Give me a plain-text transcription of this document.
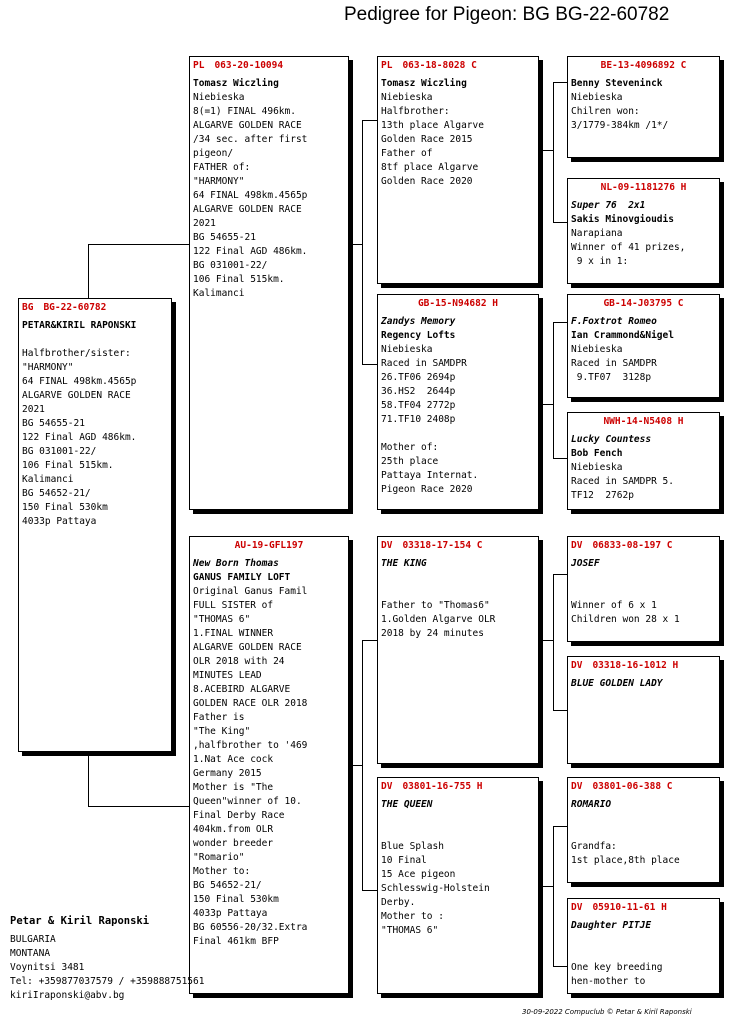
Pedigree for Pigeon: BG BG-22-60782
BG BG-22-60782
PETAR&KIRIL RAPONSKI
Halfbrother/sister:
"HARMONY"
64 FINAL 498km.4565p
ALGARVE GOLDEN RACE
2021
BG 54655-21
122 Final AGD 486km.
BG 031001-22/
106 Final 515km.
Kalimanci
BG 54652-21/
150 Final 530km
4033p Pattaya
PL 063-20-10094
Tomasz Wiczling
Niebieska
8(=1) FINAL 496km.
ALGARVE GOLDEN RACE
/34 sec. after first
pigeon/
FATHER of:
"HARMONY"
64 FINAL 498km.4565p
ALGARVE GOLDEN RACE
2021
BG 54655-21
122 Final AGD 486km.
BG 031001-22/
106 Final 515km.
Kalimanci
AU-19-GFL197
New Born Thomas
GANUS FAMILY LOFT
Original Ganus Famil
FULL SISTER of
"THOMAS 6"
1.FINAL WINNER
ALGARVE GOLDEN RACE
OLR 2018 with 24
MINUTES LEAD
8.ACEBIRD ALGARVE
GOLDEN RACE OLR 2018
Father is
"The King"
,halfbrother to '469
1.Nat Ace cock
Germany 2015
Mother is "The
Queen"winner of 10.
Final Derby Race
404km.from OLR
wonder breeder
"Romario"
Mother to:
BG 54652-21/
150 Final 530km
4033p Pattaya
BG 60556-20/32.Extra
Final 461km BFP
PL 063-18-8028 C
Tomasz Wiczling
Niebieska
Halfbrother:
13th place Algarve
Golden Race 2015
Father of
8tf place Algarve
Golden Race 2020
GB-15-N94682 H
Zandys Memory
Regency Lofts
Niebieska
Raced in SAMDPR
26.TF06 2694p
36.HS2  2644p
58.TF04 2772p
71.TF10 2408p
Mother of:
25th place
Pattaya Internat.
Pigeon Race 2020
DV 03318-17-154 C
THE KING
Father to "Thomas6"
1.Golden Algarve OLR
2018 by 24 minutes
DV 03801-16-755 H
THE QUEEN
Blue Splash
10 Final
15 Ace pigeon
Schlesswig-Holstein
Derby.
Mother to :
"THOMAS 6"
BE-13-4096892 C
Benny Steveninck
Niebieska
Chilren won:
3/1779-384km /1*/
NL-09-1181276 H
Super 76  2x1
Sakis Minovgioudis
Narapiana
Winner of 41 prizes,
9 x in 1:
GB-14-J03795 C
F.Foxtrot Romeo
Ian Crammond&Nigel
Niebieska
Raced in SAMDPR
9.TF07  3128p
NWH-14-N5408 H
Lucky Countess
Bob Fench
Niebieska
Raced in SAMDPR 5.
TF12  2762p
DV 06833-08-197 C
JOSEF
Winner of 6 x 1
Children won 28 x 1
DV 03318-16-1012 H
BLUE GOLDEN LADY
DV 03801-06-388 C
ROMARIO
Grandfa:
1st place,8th place
DV 05910-11-61 H
Daughter PITJE
One key breeding
hen-mother to
Petar & Kiril Raponski
BULGARIA
MONTANA
Voynitsi 3481
Tel: +359877037579 / +359888751561
kiriIraponski@abv.bg
30-09-2022 Compuclub © Petar & Kiril Raponski
